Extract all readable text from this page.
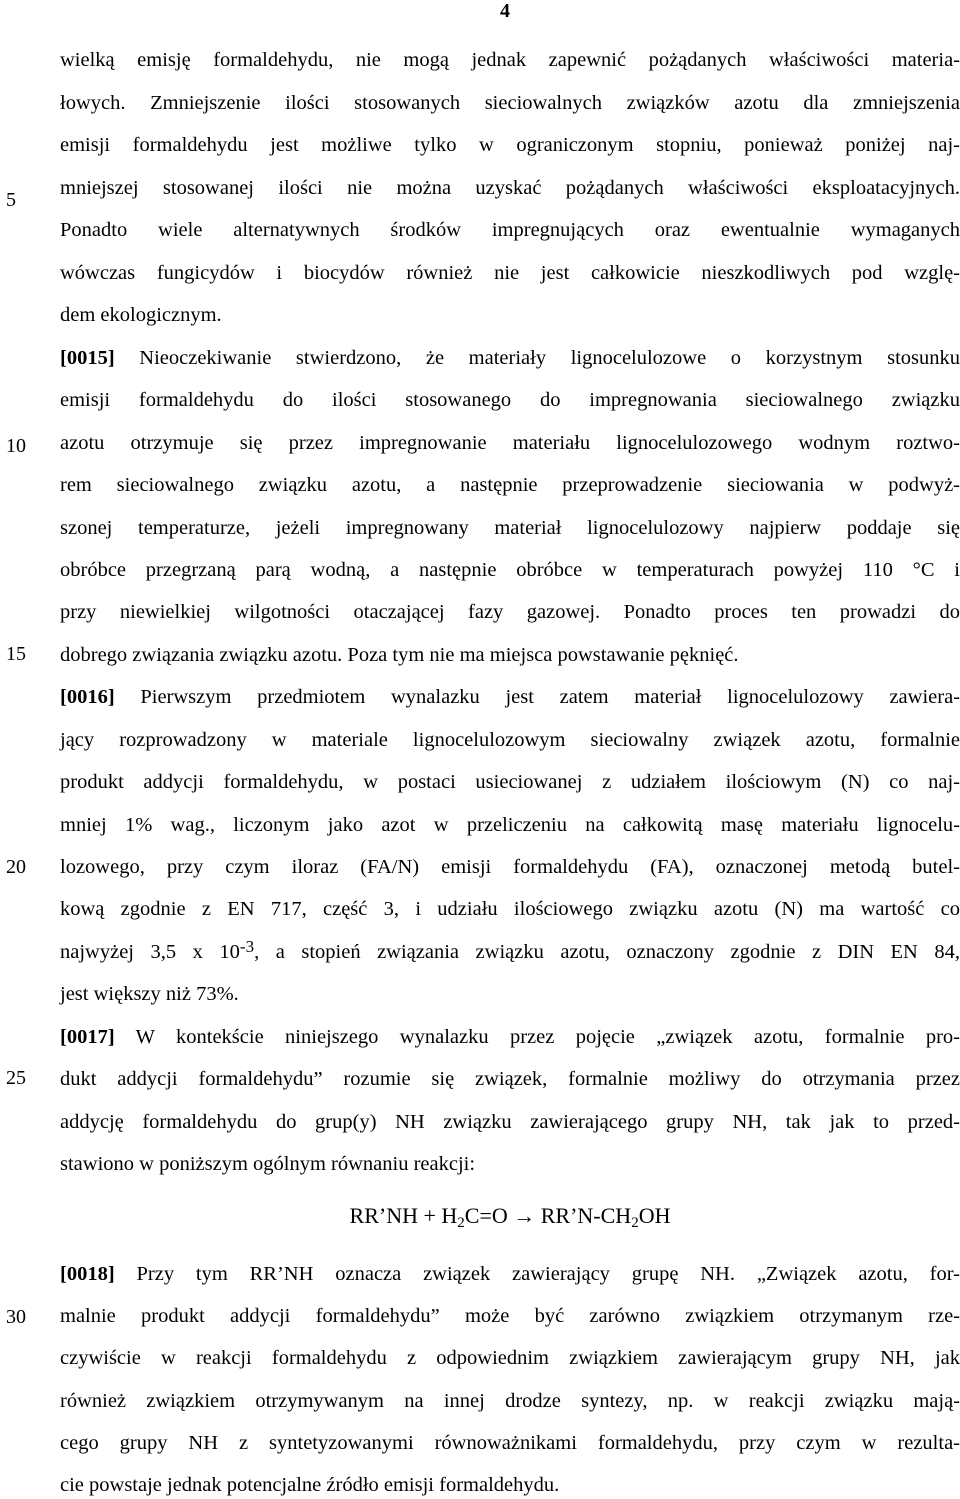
4
5
10
15
20
25
30
wielką emisję formaldehydu, nie mogą jednak zapewnić pożądanych właściwości materia-
łowych. Zmniejszenie ilości stosowanych sieciowalnych związków azotu dla zmniejszenia
emisji formaldehydu jest możliwe tylko w ograniczonym stopniu, ponieważ poniżej naj-
mniejszej stosowanej ilości nie można uzyskać pożądanych właściwości eksploatacyjnych.
Ponadto wiele alternatywnych środków impregnujących oraz ewentualnie wymaganych
wówczas fungicydów i biocydów również nie jest całkowicie nieszkodliwych pod wzglę-
dem ekologicznym.
[0015] Nieoczekiwanie stwierdzono, że materiały lignocelulozowe o korzystnym stosunku
emisji formaldehydu do ilości stosowanego do impregnowania sieciowalnego związku
azotu otrzymuje się przez impregnowanie materiału lignocelulozowego wodnym roztwo-
rem sieciowalnego związku azotu, a następnie przeprowadzenie sieciowania w podwyż-
szonej temperaturze, jeżeli impregnowany materiał lignocelulozowy najpierw poddaje się
obróbce przegrzaną parą wodną, a następnie obróbce w temperaturach powyżej 110 °C i
przy niewielkiej wilgotności otaczającej fazy gazowej. Ponadto proces ten prowadzi do
dobrego związania związku azotu. Poza tym nie ma miejsca powstawanie pęknięć.
[0016] Pierwszym przedmiotem wynalazku jest zatem materiał lignocelulozowy zawiera-
jący rozprowadzony w materiale lignocelulozowym sieciowalny związek azotu, formalnie
produkt addycji formaldehydu, w postaci usieciowanej z udziałem ilościowym (N) co naj-
mniej 1% wag., liczonym jako azot w przeliczeniu na całkowitą masę materiału lignocelu-
lozowego, przy czym iloraz (FA/N) emisji formaldehydu (FA), oznaczonej metodą butel-
kową zgodnie z EN 717, część 3, i udziału ilościowego związku azotu (N) ma wartość co
najwyżej 3,5 x $10^{-3}$, a stopień związania związku azotu, oznaczony zgodnie z DIN EN 84,
jest większy niż 73%.
[0017] W kontekście niniejszego wynalazku przez pojęcie „związek azotu, formalnie pro-
dukt addycji formaldehydu” rozumie się związek, formalnie możliwy do otrzymania przez
addycję formaldehydu do grup(y) NH związku zawierającego grupy NH, tak jak to przed-
stawiono w poniższym ogólnym równaniu reakcji:
RR’NH + $H_2C=O$ → $RR’N-CH_2OH$
[0018] Przy tym RR’NH oznacza związek zawierający grupę NH. „Związek azotu, for-
malnie produkt addycji formaldehydu” może być zarówno związkiem otrzymanym rze-
czywiście w reakcji formaldehydu z odpowiednim związkiem zawierającym grupy NH, jak
również związkiem otrzymywanym na innej drodze syntezy, np. w reakcji związku mają-
cego grupy NH z syntetyzowanymi równoważnikami formaldehydu, przy czym w rezulta-
cie powstaje jednak potencjalne źródło emisji formaldehydu.
